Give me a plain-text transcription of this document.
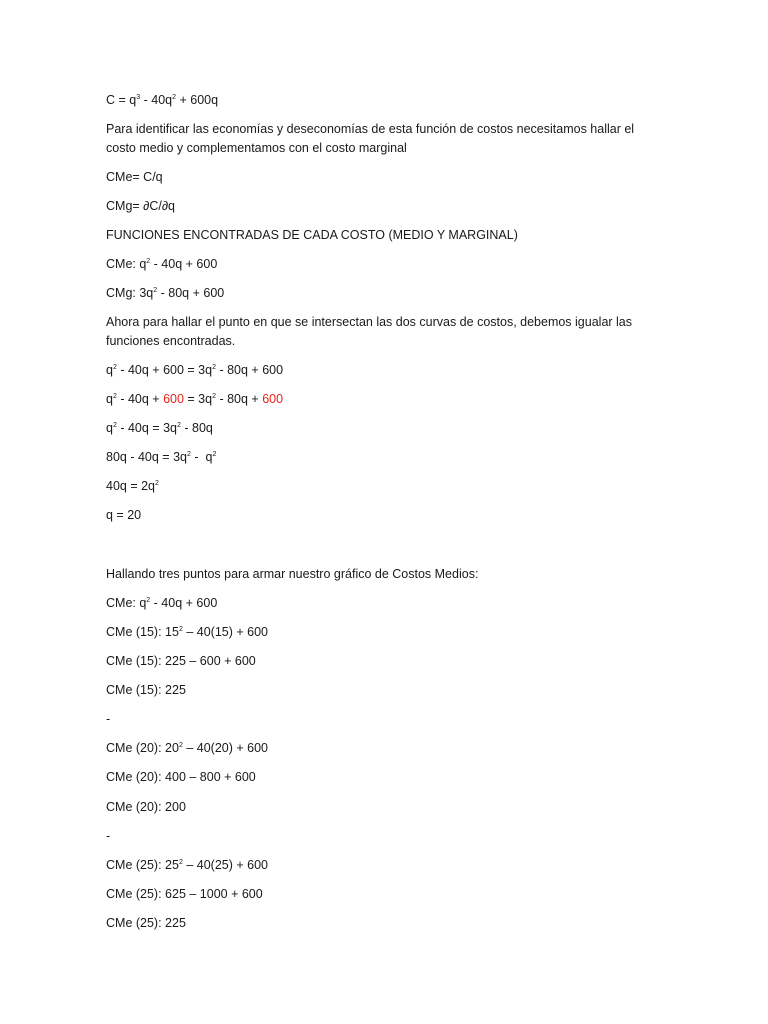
$C = q^3 - 40q^2 + 600q$
Para identificar las economías y deseconomías de esta función de costos necesitamos hallar el costo medio y complementamos con el costo marginal
CMe= C/q
CMg= ∂C/∂q
FUNCIONES ENCONTRADAS DE CADA COSTO (MEDIO Y MARGINAL)
CMe: $q^2 - 40q + 600$
CMg: $3q^2 - 80q + 600$
Ahora para hallar el punto en que se intersectan las dos curvas de costos, debemos igualar las funciones encontradas.
$q^2 - 40q + 600 = 3q^2 - 80q + 600$
$q^2 - 40q + 600 = 3q^2 - 80q + 600$
$q^2 - 40q = 3q^2 - 80q$
$80q - 40q = 3q^2 - q^2$
$40q = 2q^2$
q = 20
Hallando tres puntos para armar nuestro gráfico de Costos Medios:
CMe: $q^2 - 40q + 600$
CMe (15): $15^2 - 40(15) + 600$
CMe (15): 225 – 600 + 600
CMe (15): 225
-
CMe (20): $20^2 - 40(20) + 600$
CMe (20): 400 – 800 + 600
CMe (20): 200
-
CMe (25): $25^2 - 40(25) + 600$
CMe (25): 625 – 1000 + 600
CMe (25): 225
